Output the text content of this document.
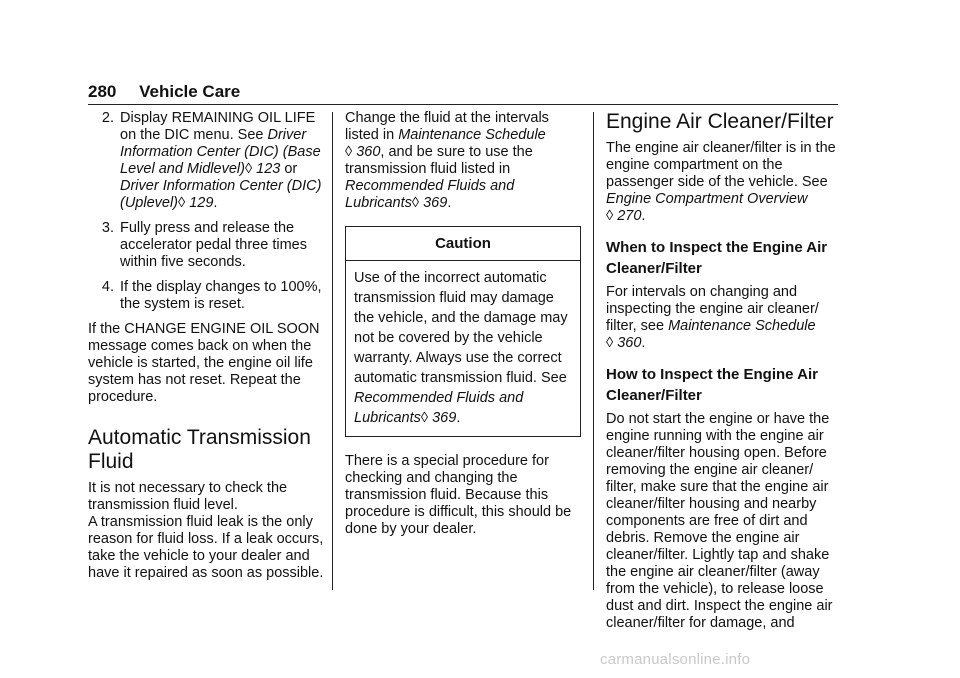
280 Vehicle Care
2. Display REMAINING OIL LIFE on the DIC menu. See Driver Information Center (DIC) (Base Level and Midlevel)◊ 123 or Driver Information Center (DIC) (Uplevel)◊ 129.
3. Fully press and release the accelerator pedal three times within five seconds.
4. If the display changes to 100%, the system is reset.

If the CHANGE ENGINE OIL SOON message comes back on when the vehicle is started, the engine oil life system has not reset. Repeat the procedure.

Automatic Transmission Fluid

It is not necessary to check the transmission fluid level.

A transmission fluid leak is the only reason for fluid loss. If a leak occurs, take the vehicle to your dealer and have it repaired as soon as possible.

Change the fluid at the intervals listed in Maintenance Schedule
◊ 360, and be sure to use the transmission fluid listed in Recommended Fluids and Lubricants◊ 369.

Caution
Use of the incorrect automatic transmission fluid may damage the vehicle, and the damage may not be covered by the vehicle warranty. Always use the correct automatic transmission fluid. See Recommended Fluids and Lubricants◊ 369.

There is a special procedure for checking and changing the transmission fluid. Because this procedure is difficult, this should be done by your dealer.

Engine Air Cleaner/Filter

The engine air cleaner/filter is in the engine compartment on the passenger side of the vehicle. See Engine Compartment Overview
◊ 270.

When to Inspect the Engine Air Cleaner/Filter

For intervals on changing and inspecting the engine air cleaner/ filter, see Maintenance Schedule
◊ 360.

How to Inspect the Engine Air Cleaner/Filter

Do not start the engine or have the engine running with the engine air cleaner/filter housing open. Before removing the engine air cleaner/ filter, make sure that the engine air cleaner/filter housing and nearby components are free of dirt and debris. Remove the engine air cleaner/filter. Lightly tap and shake the engine air cleaner/filter (away from the vehicle), to release loose dust and dirt. Inspect the engine air cleaner/filter for damage, and

carmanualsonline.info
